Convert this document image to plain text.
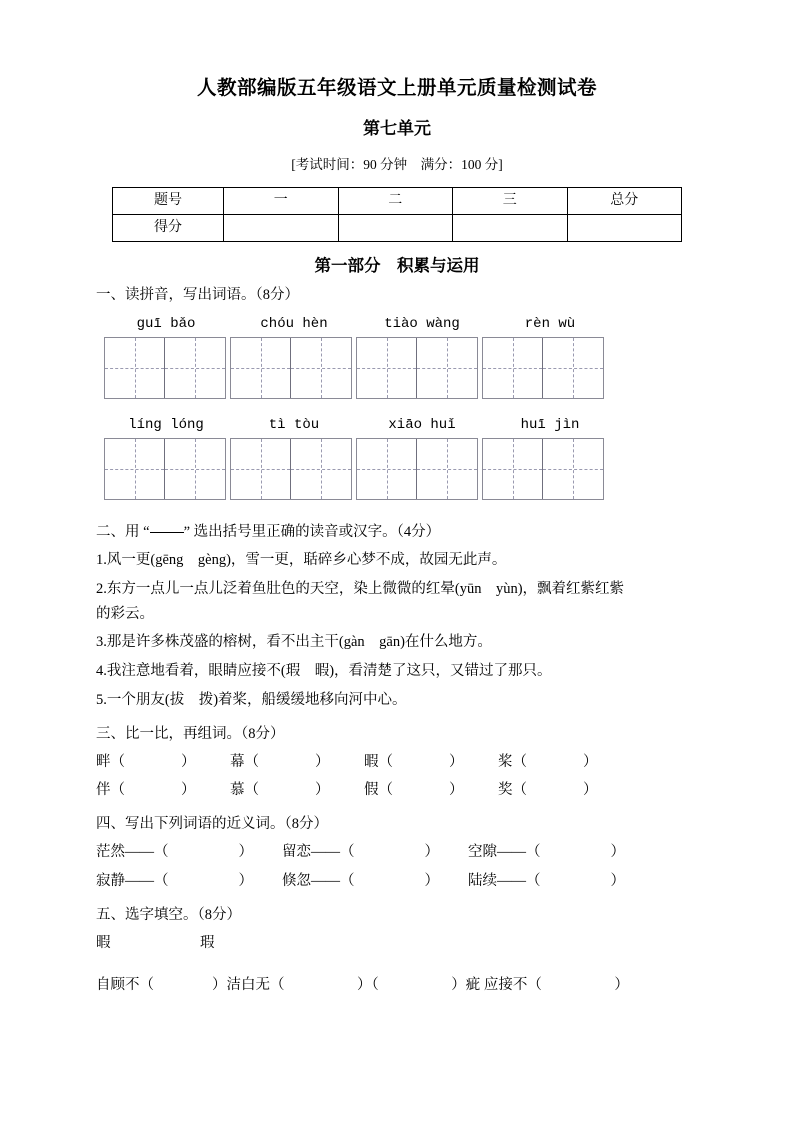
人教部编版五年级语文上册单元质量检测试卷
第七单元

[考试时间：90 分钟　满分：100 分]

题号	一	二	三	总分
得分				
第一部分　积累与运用

一、读拼音，写出词语。（8分）

guī bǎo	chóu hèn	tiào wàng	rèn wù
líng lóng	tì tòu	xiāo huǐ	huī jìn

二、用 “ ” 选出括号里正确的读音或汉字。（4分）

1.风一更(gēng　gèng)，雪一更，聒碎乡心梦不成，故园无此声。

2.东方一点儿一点儿泛着鱼肚色的天空，染上微微的红晕(yūn　yùn)，飘着红紫红紫

的彩云。

3.那是许多株茂盛的榕树，看不出主干(gàn　gān)在什么地方。

4.我注意地看着，眼睛应接不(瑕　暇)，看清楚了这只，又错过了那只。

5.一个朋友(拔　拨)着桨，船缓缓地移向河中心。

三、比一比，再组词。（8分）

畔（	）	幕（	）	暇（	）	桨（	）
伴（	）	慕（	）	假（	）	奖（	）

四、写出下列词语的近义词。（8分）

茫然——（	）	留恋——（	）	空隙——（	）
寂静——（	）	倏忽——（	）	陆续——（	）

五、选字填空。（8分）

暇	瑕

自顾不（　　　　）洁白无（　　　　　）（　　　　　）疵 应接不（　　　　　）
